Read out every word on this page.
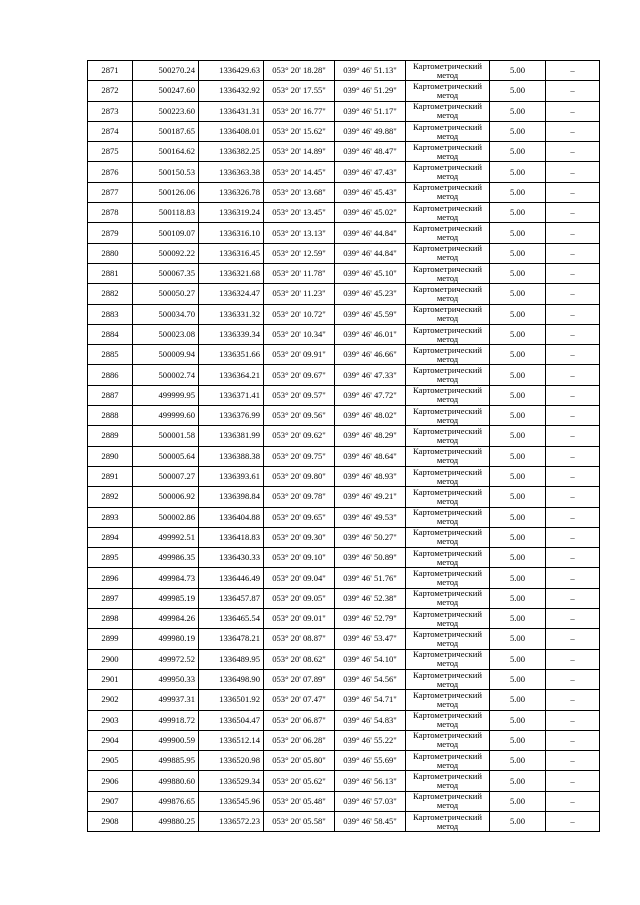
2871	500270.24	1336429.63	053° 20' 18.28"	039° 46' 51.13"	Картометрический
метод	5.00	–
2872	500247.60	1336432.92	053° 20' 17.55"	039° 46' 51.29"	Картометрический
метод	5.00	–
2873	500223.60	1336431.31	053° 20' 16.77"	039° 46' 51.17"	Картометрический
метод	5.00	–
2874	500187.65	1336408.01	053° 20' 15.62"	039° 46' 49.88"	Картометрический
метод	5.00	–
2875	500164.62	1336382.25	053° 20' 14.89"	039° 46' 48.47"	Картометрический
метод	5.00	–
2876	500150.53	1336363.38	053° 20' 14.45"	039° 46' 47.43"	Картометрический
метод	5.00	–
2877	500126.06	1336326.78	053° 20' 13.68"	039° 46' 45.43"	Картометрический
метод	5.00	–
2878	500118.83	1336319.24	053° 20' 13.45"	039° 46' 45.02"	Картометрический
метод	5.00	–
2879	500109.07	1336316.10	053° 20' 13.13"	039° 46' 44.84"	Картометрический
метод	5.00	–
2880	500092.22	1336316.45	053° 20' 12.59"	039° 46' 44.84"	Картометрический
метод	5.00	–
2881	500067.35	1336321.68	053° 20' 11.78"	039° 46' 45.10"	Картометрический
метод	5.00	–
2882	500050.27	1336324.47	053° 20' 11.23"	039° 46' 45.23"	Картометрический
метод	5.00	–
2883	500034.70	1336331.32	053° 20' 10.72"	039° 46' 45.59"	Картометрический
метод	5.00	–
2884	500023.08	1336339.34	053° 20' 10.34"	039° 46' 46.01"	Картометрический
метод	5.00	–
2885	500009.94	1336351.66	053° 20' 09.91"	039° 46' 46.66"	Картометрический
метод	5.00	–
2886	500002.74	1336364.21	053° 20' 09.67"	039° 46' 47.33"	Картометрический
метод	5.00	–
2887	499999.95	1336371.41	053° 20' 09.57"	039° 46' 47.72"	Картометрический
метод	5.00	–
2888	499999.60	1336376.99	053° 20' 09.56"	039° 46' 48.02"	Картометрический
метод	5.00	–
2889	500001.58	1336381.99	053° 20' 09.62"	039° 46' 48.29"	Картометрический
метод	5.00	–
2890	500005.64	1336388.38	053° 20' 09.75"	039° 46' 48.64"	Картометрический
метод	5.00	–
2891	500007.27	1336393.61	053° 20' 09.80"	039° 46' 48.93"	Картометрический
метод	5.00	–
2892	500006.92	1336398.84	053° 20' 09.78"	039° 46' 49.21"	Картометрический
метод	5.00	–
2893	500002.86	1336404.88	053° 20' 09.65"	039° 46' 49.53"	Картометрический
метод	5.00	–
2894	499992.51	1336418.83	053° 20' 09.30"	039° 46' 50.27"	Картометрический
метод	5.00	–
2895	499986.35	1336430.33	053° 20' 09.10"	039° 46' 50.89"	Картометрический
метод	5.00	–
2896	499984.73	1336446.49	053° 20' 09.04"	039° 46' 51.76"	Картометрический
метод	5.00	–
2897	499985.19	1336457.87	053° 20' 09.05"	039° 46' 52.38"	Картометрический
метод	5.00	–
2898	499984.26	1336465.54	053° 20' 09.01"	039° 46' 52.79"	Картометрический
метод	5.00	–
2899	499980.19	1336478.21	053° 20' 08.87"	039° 46' 53.47"	Картометрический
метод	5.00	–
2900	499972.52	1336489.95	053° 20' 08.62"	039° 46' 54.10"	Картометрический
метод	5.00	–
2901	499950.33	1336498.90	053° 20' 07.89"	039° 46' 54.56"	Картометрический
метод	5.00	–
2902	499937.31	1336501.92	053° 20' 07.47"	039° 46' 54.71"	Картометрический
метод	5.00	–
2903	499918.72	1336504.47	053° 20' 06.87"	039° 46' 54.83"	Картометрический
метод	5.00	–
2904	499900.59	1336512.14	053° 20' 06.28"	039° 46' 55.22"	Картометрический
метод	5.00	–
2905	499885.95	1336520.98	053° 20' 05.80"	039° 46' 55.69"	Картометрический
метод	5.00	–
2906	499880.60	1336529.34	053° 20' 05.62"	039° 46' 56.13"	Картометрический
метод	5.00	–
2907	499876.65	1336545.96	053° 20' 05.48"	039° 46' 57.03"	Картометрический
метод	5.00	–
2908	499880.25	1336572.23	053° 20' 05.58"	039° 46' 58.45"	Картометрический
метод	5.00	–
